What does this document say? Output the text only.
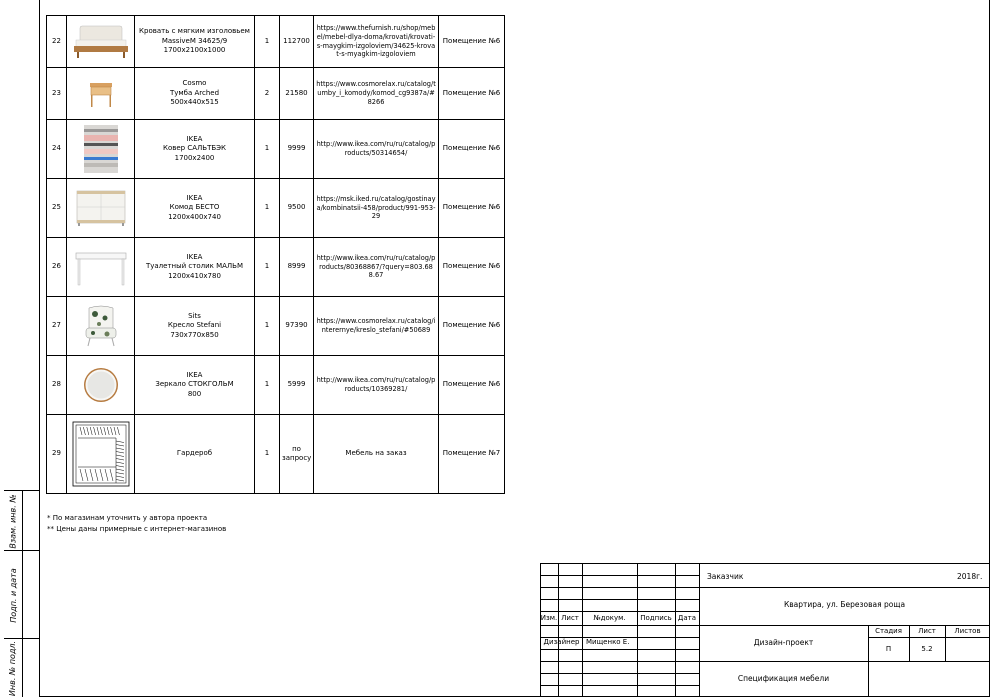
Взам. инв. №
Подп. и дата
Инв. № подл.
22		Кровать с мягким изголовьем
MassiveM 34625/9
1700х2100х1000	1	112700	https://www.thefurnish.ru/shop/mebel/mebel-dlya-doma/krovati/krovati-s-maygkim-izgoloviem/34625-krovat-s-myagkim-izgoloviem	Помещение №6
23		Cosmo
Тумба Arched
500х440х515	2	21580	https://www.cosmorelax.ru/catalog/tumby_i_komody/komod_cg9387a/#8266	Помещение №6
24		IKEA
Ковер САЛЬТБЭК
1700х2400	1	9999	http://www.ikea.com/ru/ru/catalog/products/50314654/	Помещение №6
25		IKEA
Комод БЕСТО
1200х400х740	1	9500	https://msk.iked.ru/catalog/gostinaya/kombinatsii-458/product/991-953-29	Помещение №6
26		IKEA
Туалетный столик МАЛЬМ
1200х410х780	1	8999	http://www.ikea.com/ru/ru/catalog/products/80368867/?query=803.688.67	Помещение №6
27		Sits
Кресло Stefani
730х770х850	1	97390	https://www.cosmorelax.ru/catalog/interernye/kreslo_stefani/#50689	Помещение №6
28		IKEA
Зеркало СТОКГОЛЬМ
800	1	5999	http://www.ikea.com/ru/ru/catalog/products/10369281/	Помещение №6
29		Гардероб	1	по
запросу	Мебель на заказ	Помещение №7
* По магазинам уточнить у автора проекта
** Цены даны примерные с интернет-магазинов
Заказчик	2018г.
Квартира, ул. Березовая роща
Изм. Лист	№докум.	Подпись Дата
Дизайнер Мищенко Е.	Дизайн-проект
Стадия	Лист	Листов
П	5.2
Спецификация мебели
